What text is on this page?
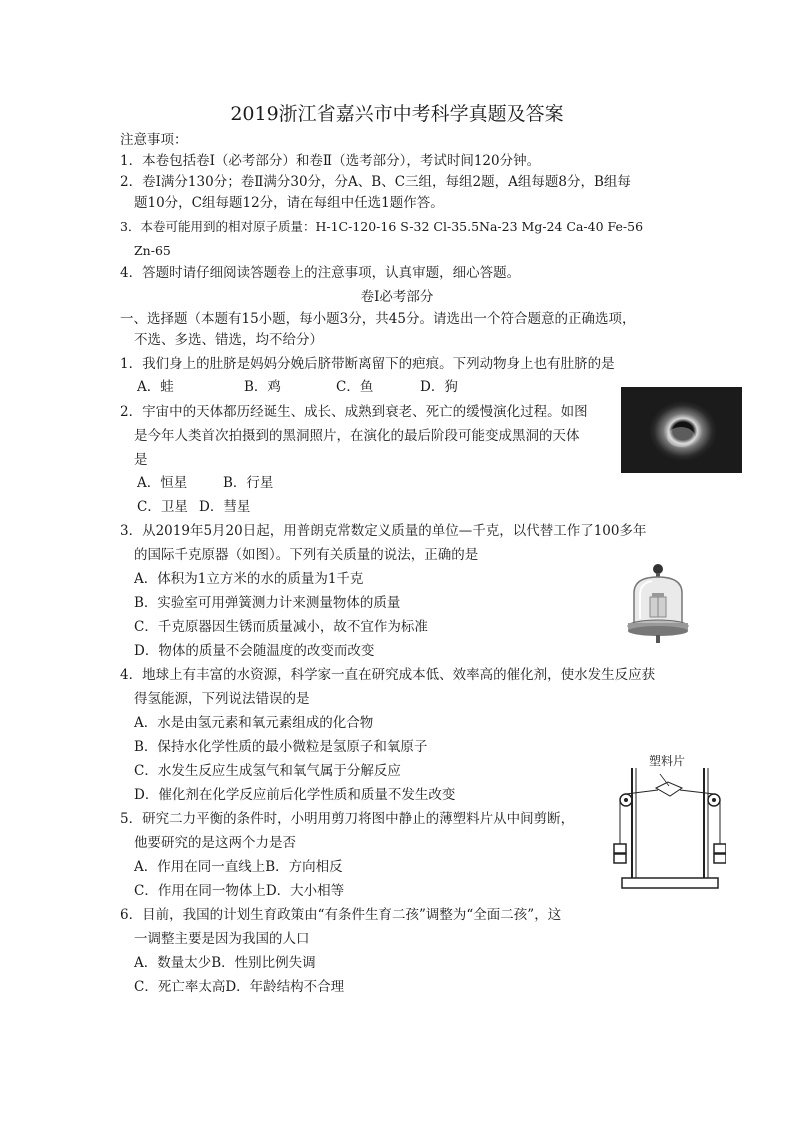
2019浙江省嘉兴市中考科学真题及答案
注意事项：
1．本卷包括卷Ⅰ（必考部分）和卷Ⅱ（选考部分），考试时间120分钟。
2．卷Ⅰ满分130分；卷Ⅱ满分30分，分A、B、C三组，每组2题，A组每题8分，B组每
题10分，C组每题12分，请在每组中任选1题作答。
3．本卷可能用到的相对原子质量：H-1C-120-16 S-32 Cl-35.5Na-23 Mg-24 Ca-40 Fe-56
Zn-65
4．答题时请仔细阅读答题卷上的注意事项，认真审题，细心答题。
卷Ⅰ必考部分
一、选择题（本题有15小题，每小题3分，共45分。请选出一个符合题意的正确选项，
不选、多选、错选，均不给分）
1．我们身上的肚脐是妈妈分娩后脐带断离留下的疤痕。下列动物身上也有肚脐的是
A．蛙	B．鸡	C．鱼	D．狗
2．宇宙中的天体都历经诞生、成长、成熟到衰老、死亡的缓慢演化过程。如图
是今年人类首次拍摄到的黑洞照片，在演化的最后阶段可能变成黑洞的天体
是
A．恒星	B．行星
C．卫星 D．彗星
3．从2019年5月20日起，用普朗克常数定义质量的单位—千克，以代替工作了100多年
的国际千克原器（如图）。下列有关质量的说法，正确的是
A．体积为1立方米的水的质量为1千克
B．实验室可用弹簧测力计来测量物体的质量
C．千克原器因生锈而质量减小，故不宜作为标准
D．物体的质量不会随温度的改变而改变
4．地球上有丰富的水资源，科学家一直在研究成本低、效率高的催化剂，使水发生反应获
得氢能源，下列说法错误的是
A．水是由氢元素和氧元素组成的化合物
B．保持水化学性质的最小微粒是氢原子和氧原子
C．水发生反应生成氢气和氧气属于分解反应
D．催化剂在化学反应前后化学性质和质量不发生改变
5．研究二力平衡的条件时，小明用剪刀将图中静止的薄塑料片从中间剪断，
他要研究的是这两个力是否
A．作用在同一直线上B．方向相反
C．作用在同一物体上D．大小相等
塑料片
6．目前，我国的计划生育政策由“有条件生育二孩”调整为“全面二孩”，这
一调整主要是因为我国的人口
A．数量太少B．性别比例失调
C．死亡率太高D．年龄结构不合理
